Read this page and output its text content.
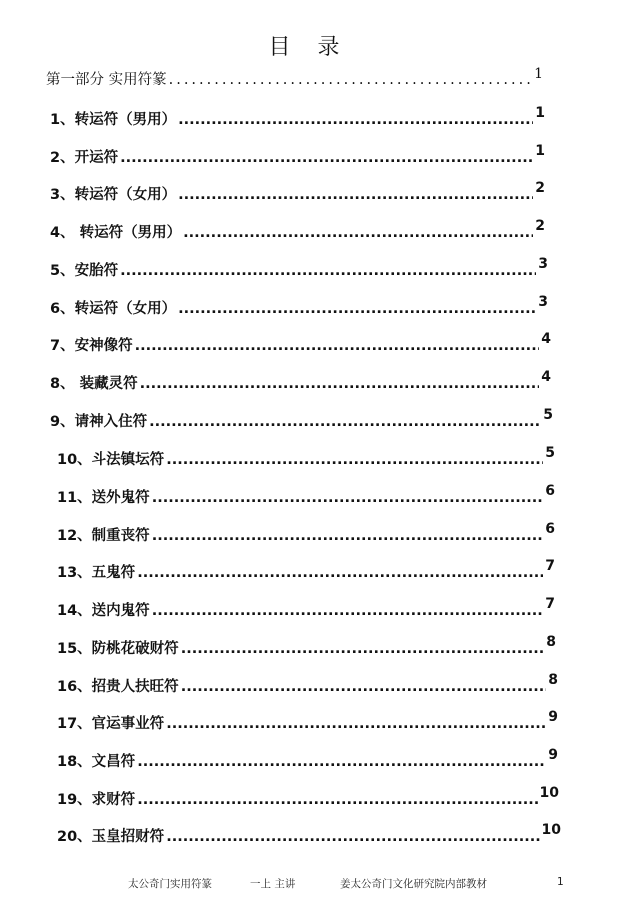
目 录
第一部分 实用符篆 .....	1
1、转运符（男用） .....	1
2、开运符 .....	1
3、转运符（女用） .....	2
4、 转运符（男用） .....	2
5、安胎符 .....	3
6、转运符（女用） .....	3
7、安神像符 .....	4
8、 装藏灵符 .....	4
9、请神入住符 .....	5
10、斗法镇坛符 .....	5
11、送外鬼符 .....	6
12、制重丧符 .....	6
13、五鬼符 .....	7
14、送内鬼符 .....	7
15、防桃花破财符 .....	8
16、招贵人扶旺符 .....	8
17、官运事业符 .....	9
18、文昌符 .....	9
19、求财符 .....	10
20、玉皇招财符 .....	10
太公奇门实用符篆	一上 主讲	姜太公奇门文化研究院内部教材	1
